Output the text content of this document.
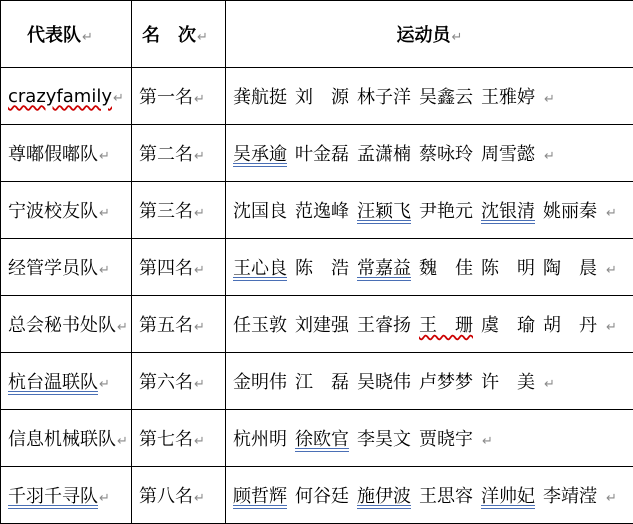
代表队↵	名　次↵	运动员↵
crazyfamily↵	第一名↵	龚航挺 刘　源 林子洋 吴鑫云 王雅婷 ↵
尊嘟假嘟队↵	第二名↵	吴承逾 叶金磊 孟潇楠 蔡咏玲 周雪懿 ↵
宁波校友队↵	第三名↵	沈国良 范逸峰 汪颖飞 尹艳元 沈银清 姚丽秦 ↵
经管学员队↵	第四名↵	王心良 陈　浩 常嘉益 魏　佳 陈　明 陶　晨 ↵
总会秘书处队↵	第五名↵	任玉敦 刘建强 王睿扬 王　珊 虞　瑜 胡　丹 ↵
杭台温联队↵	第六名↵	金明伟 江　磊 吴晓伟 卢梦梦 许　美 ↵
信息机械联队↵	第七名↵	杭州明 徐欧官 李昊文 贾晓宇 ↵
千羽千寻队↵	第八名↵	顾哲辉 何谷廷 施伊波 王思容 洋帅妃 李靖滢 ↵
